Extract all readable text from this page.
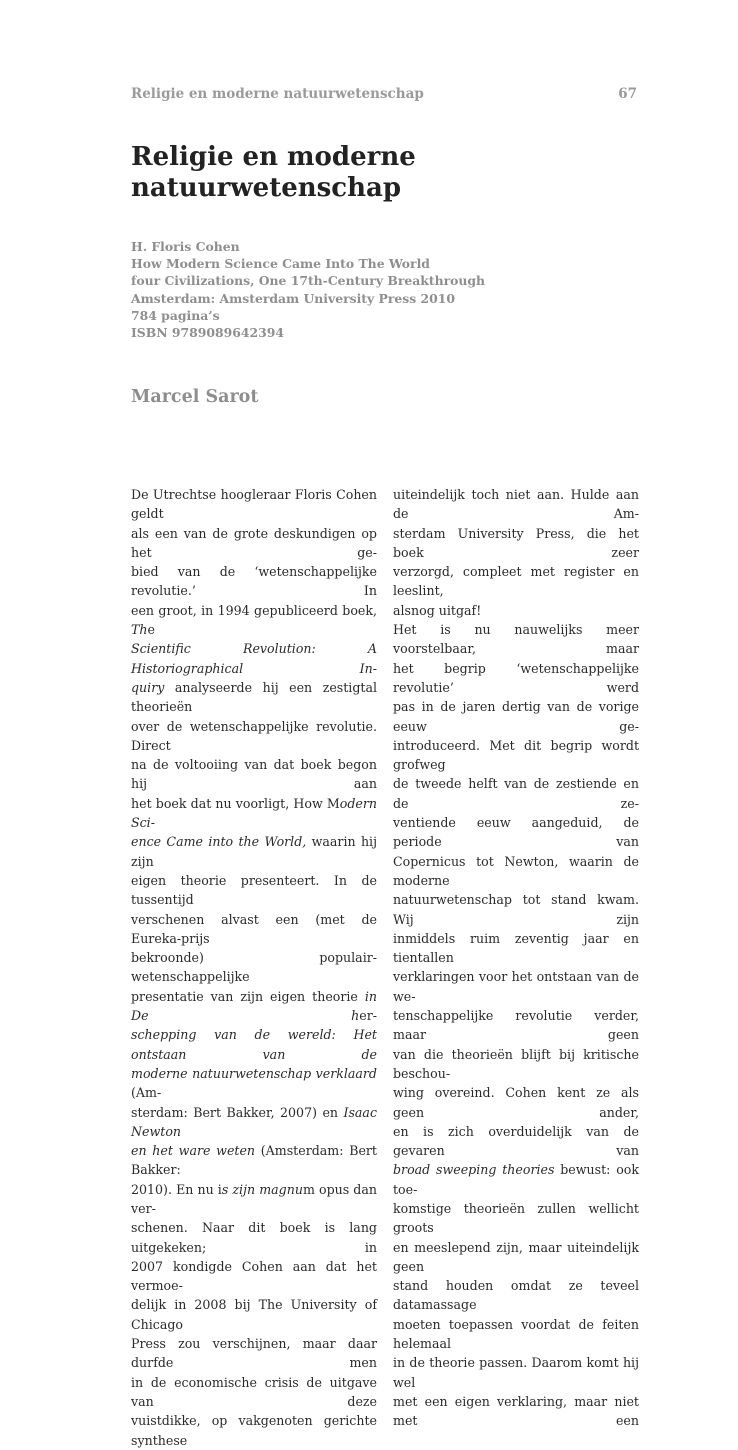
Religie en moderne natuurwetenschap	67
Religie en moderne
natuurwetenschap
H. Floris Cohen
How Modern Science Came Into The World
four Civilizations, One 17th-Century Breakthrough
Amsterdam: Amsterdam University Press 2010
784 pagina’s
ISBN 9789089642394
Marcel Sarot
De Utrechtse hoogleraar Floris Cohen geldt
als een van de grote deskundigen op het ge-
bied van de ‘wetenschappelijke revolutie.’ In
een groot, in 1994 gepubliceerd boek, The
Scientific Revolution: A Historiographical In-
quiry analyseerde hij een zestigtal theorieën
over de wetenschappelijke revolutie. Direct
na de voltooiing van dat boek begon hij aan
het boek dat nu voorligt, How Modern Sci-
ence Came into the World, waarin hij zijn
eigen theorie presenteert. In de tussentijd
verschenen alvast een (met de Eureka-prijs
bekroonde) populair-wetenschappelijke
presentatie van zijn eigen theorie in De her-
schepping van de wereld: Het ontstaan van de
moderne natuurwetenschap verklaard (Am-
sterdam: Bert Bakker, 2007) en Isaac Newton
en het ware weten (Amsterdam: Bert Bakker:
2010). En nu is zijn magnum opus dan ver-
schenen. Naar dit boek is lang uitgekeken; in
2007 kondigde Cohen aan dat het vermoe-
delijk in 2008 bij The University of Chicago
Press zou verschijnen, maar daar durfde men
in de economische crisis de uitgave van deze
vuistdikke, op vakgenoten gerichte synthese
uiteindelijk toch niet aan. Hulde aan de Am-
sterdam University Press, die het boek zeer
verzorgd, compleet met register en leeslint,
alsnog uitgaf!
Het is nu nauwelijks meer voorstelbaar, maar
het begrip ‘wetenschappelijke revolutie’ werd
pas in de jaren dertig van de vorige eeuw ge-
introduceerd. Met dit begrip wordt grofweg
de tweede helft van de zestiende en de ze-
ventiende eeuw aangeduid, de periode van
Copernicus tot Newton, waarin de moderne
natuurwetenschap tot stand kwam. Wij zijn
inmiddels ruim zeventig jaar en tientallen
verklaringen voor het ontstaan van de we-
tenschappelijke revolutie verder, maar geen
van die theorieën blijft bij kritische beschou-
wing overeind. Cohen kent ze als geen ander,
en is zich overduidelijk van de gevaren van
broad sweeping theories bewust: ook toe-
komstige theorieën zullen wellicht groots
en meeslepend zijn, maar uiteindelijk geen
stand houden omdat ze teveel datamassage
moeten toepassen voordat de feiten helemaal
in de theorie passen. Daarom komt hij wel
met een eigen verklaring, maar niet met een
